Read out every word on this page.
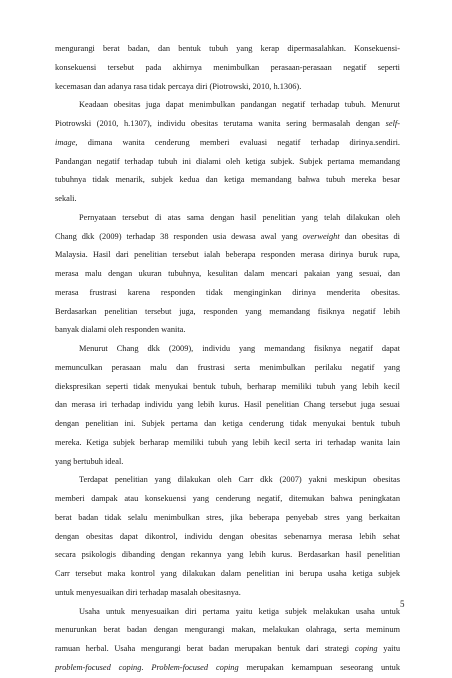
mengurangi berat badan, dan bentuk tubuh yang kerap dipermasalahkan. Konsekuensi-
konsekuensi tersebut pada akhirnya menimbulkan perasaan-perasaan negatif seperti
kecemasan dan adanya rasa tidak percaya diri (Piotrowski, 2010, h.1306).
Keadaan obesitas juga dapat menimbulkan pandangan negatif terhadap tubuh. Menurut
Piotrowski (2010, h.1307), individu obesitas terutama wanita sering bermasalah dengan self-
image, dimana wanita cenderung memberi evaluasi negatif terhadap dirinya.sendiri.
Pandangan negatif terhadap tubuh ini dialami oleh ketiga subjek. Subjek pertama memandang
tubuhnya tidak menarik, subjek kedua dan ketiga memandang bahwa tubuh mereka besar
sekali.
Pernyataan tersebut di atas sama dengan hasil penelitian yang telah dilakukan oleh
Chang dkk (2009) terhadap 38 responden usia dewasa awal yang overweight dan obesitas di
Malaysia. Hasil dari penelitian tersebut ialah beberapa responden merasa dirinya buruk rupa,
merasa malu dengan ukuran tubuhnya, kesulitan dalam mencari pakaian yang sesuai, dan
merasa frustrasi karena responden tidak menginginkan dirinya menderita obesitas.
Berdasarkan penelitian tersebut juga, responden yang memandang fisiknya negatif lebih
banyak dialami oleh responden wanita.
Menurut Chang dkk (2009), individu yang memandang fisiknya negatif dapat
memunculkan perasaan malu dan frustrasi serta menimbulkan perilaku negatif yang
diekspresikan seperti tidak menyukai bentuk tubuh, berharap memiliki tubuh yang lebih kecil
dan merasa iri terhadap individu yang lebih kurus. Hasil penelitian Chang tersebut juga sesuai
dengan penelitian ini. Subjek pertama dan ketiga cenderung tidak menyukai bentuk tubuh
mereka. Ketiga subjek berharap memiliki tubuh yang lebih kecil serta iri terhadap wanita lain
yang bertubuh ideal.
Terdapat penelitian yang dilakukan oleh Carr dkk (2007) yakni meskipun obesitas
memberi dampak atau konsekuensi yang cenderung negatif, ditemukan bahwa peningkatan
berat badan tidak selalu menimbulkan stres, jika beberapa penyebab stres yang berkaitan
dengan obesitas dapat dikontrol, individu dengan obesitas sebenarnya merasa lebih sehat
secara psikologis dibanding dengan rekannya yang lebih kurus. Berdasarkan hasil penelitian
Carr tersebut maka kontrol yang dilakukan dalam penelitian ini berupa usaha ketiga subjek
untuk menyesuaikan diri terhadap masalah obesitasnya.
Usaha untuk menyesuaikan diri pertama yaitu ketiga subjek melakukan usaha untuk
menurunkan berat badan dengan mengurangi makan, melakukan olahraga, serta meminum
ramuan herbal. Usaha mengurangi berat badan merupakan bentuk dari strategi coping yaitu
problem-focused coping. Problem-focused coping merupakan kemampuan seseorang untuk
5
